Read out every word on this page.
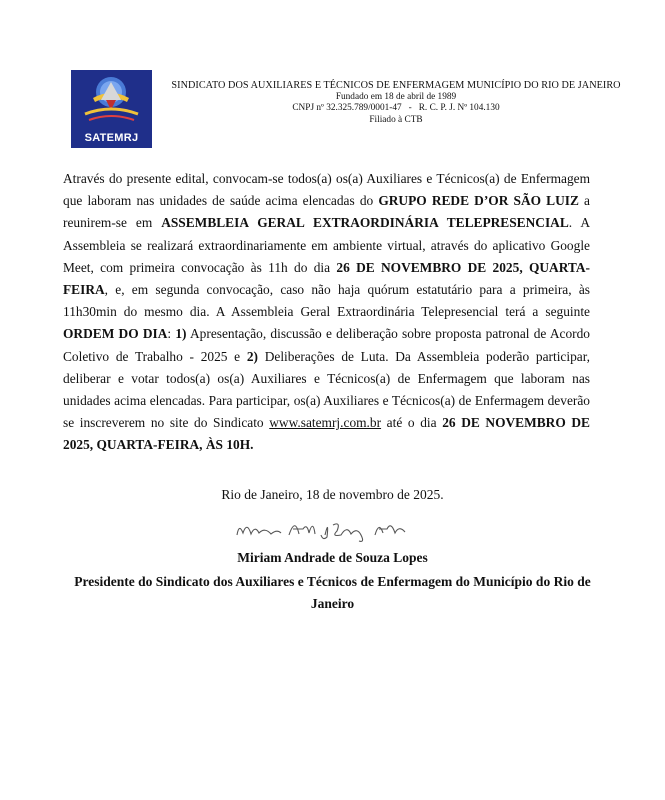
SATEMRJ
SINDICATO DOS AUXILIARES E TÉCNICOS DE ENFERMAGEM MUNICÍPIO DO RIO DE JANEIRO
Fundado em 18 de abril de 1989
CNPJ nº 32.325.789/0001-47 - R. C. P. J. Nº 104.130
Filiado à CTB
Através do presente edital, convocam-se todos(a) os(a) Auxiliares e Técnicos(a) de Enfermagem que laboram nas unidades de saúde acima elencadas do GRUPO REDE D’OR SÃO LUIZ a reunirem-se em ASSEMBLEIA GERAL EXTRAORDINÁRIA TELEPRESENCIAL. A Assembleia se realizará extraordinariamente em ambiente virtual, através do aplicativo Google Meet, com primeira convocação às 11h do dia 26 DE NOVEMBRO DE 2025, QUARTA-FEIRA, e, em segunda convocação, caso não haja quórum estatutário para a primeira, às 11h30min do mesmo dia. A Assembleia Geral Extraordinária Telepresencial terá a seguinte ORDEM DO DIA: 1) Apresentação, discussão e deliberação sobre proposta patronal de Acordo Coletivo de Trabalho - 2025 e 2) Deliberações de Luta. Da Assembleia poderão participar, deliberar e votar todos(a) os(a) Auxiliares e Técnicos(a) de Enfermagem que laboram nas unidades acima elencadas. Para participar, os(a) Auxiliares e Técnicos(a) de Enfermagem deverão se inscreverem no site do Sindicato www.satemrj.com.br até o dia 26 DE NOVEMBRO DE 2025, QUARTA-FEIRA, ÀS 10H.
Rio de Janeiro, 18 de novembro de 2025.
Miriam Andrade de Souza Lopes
Presidente do Sindicato dos Auxiliares e Técnicos de Enfermagem do Município do Rio de Janeiro
